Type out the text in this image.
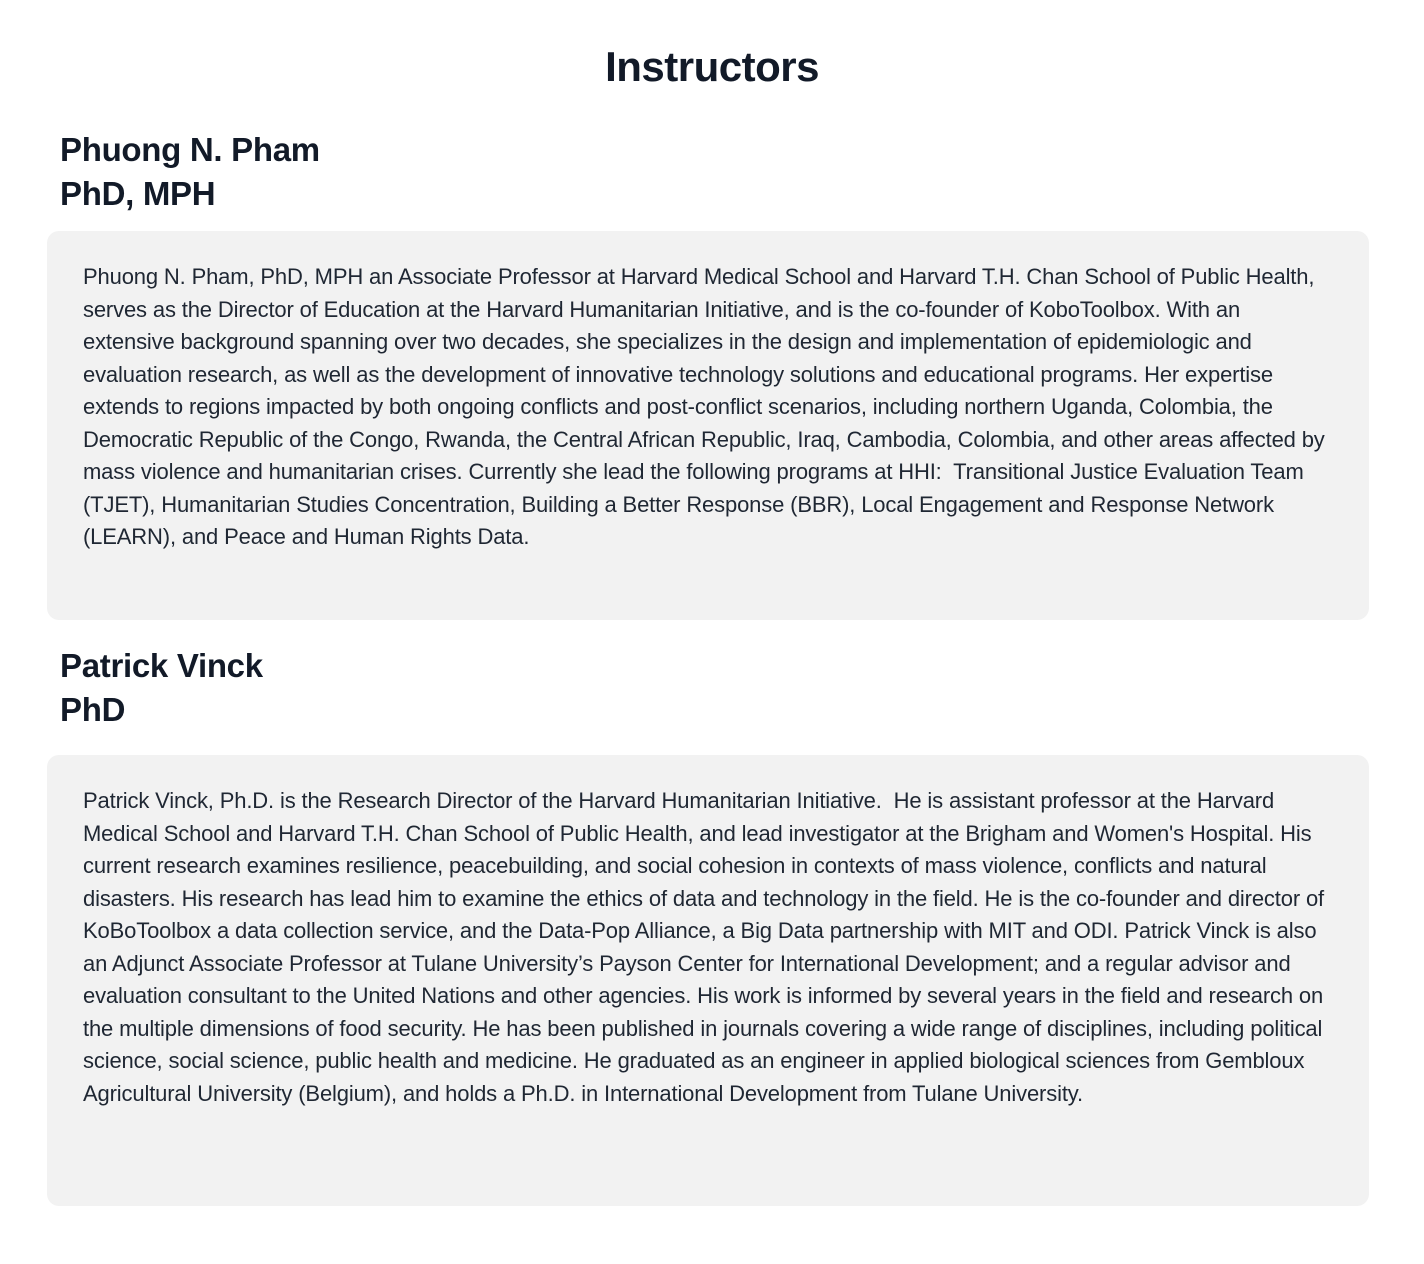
Instructors
Phuong N. Pham
PhD, MPH

Phuong N. Pham, PhD, MPH an Associate Professor at Harvard Medical School and Harvard T.H. Chan School of Public Health, serves as the Director of Education at the Harvard Humanitarian Initiative, and is the co-founder of KoboToolbox. With an extensive background spanning over two decades, she specializes in the design and implementation of epidemiologic and evaluation research, as well as the development of innovative technology solutions and educational programs. Her expertise extends to regions impacted by both ongoing conflicts and post-conflict scenarios, including northern Uganda, Colombia, the Democratic Republic of the Congo, Rwanda, the Central African Republic, Iraq, Cambodia, Colombia, and other areas affected by mass violence and humanitarian crises. Currently she lead the following programs at HHI:  Transitional Justice Evaluation Team (TJET), Humanitarian Studies Concentration, Building a Better Response (BBR), Local Engagement and Response Network (LEARN), and Peace and Human Rights Data.

Patrick Vinck
PhD

Patrick Vinck, Ph.D. is the Research Director of the Harvard Humanitarian Initiative.  He is assistant professor at the Harvard Medical School and Harvard T.H. Chan School of Public Health, and lead investigator at the Brigham and Women's Hospital. His current research examines resilience, peacebuilding, and social cohesion in contexts of mass violence, conflicts and natural disasters. His research has lead him to examine the ethics of data and technology in the field. He is the co-founder and director of KoBoToolbox a data collection service, and the Data-Pop Alliance, a Big Data partnership with MIT and ODI. Patrick Vinck is also an Adjunct Associate Professor at Tulane University’s Payson Center for International Development; and a regular advisor and evaluation consultant to the United Nations and other agencies. His work is informed by several years in the field and research on the multiple dimensions of food security. He has been published in journals covering a wide range of disciplines, including political science, social science, public health and medicine. He graduated as an engineer in applied biological sciences from Gembloux Agricultural University (Belgium), and holds a Ph.D. in International Development from Tulane University.
